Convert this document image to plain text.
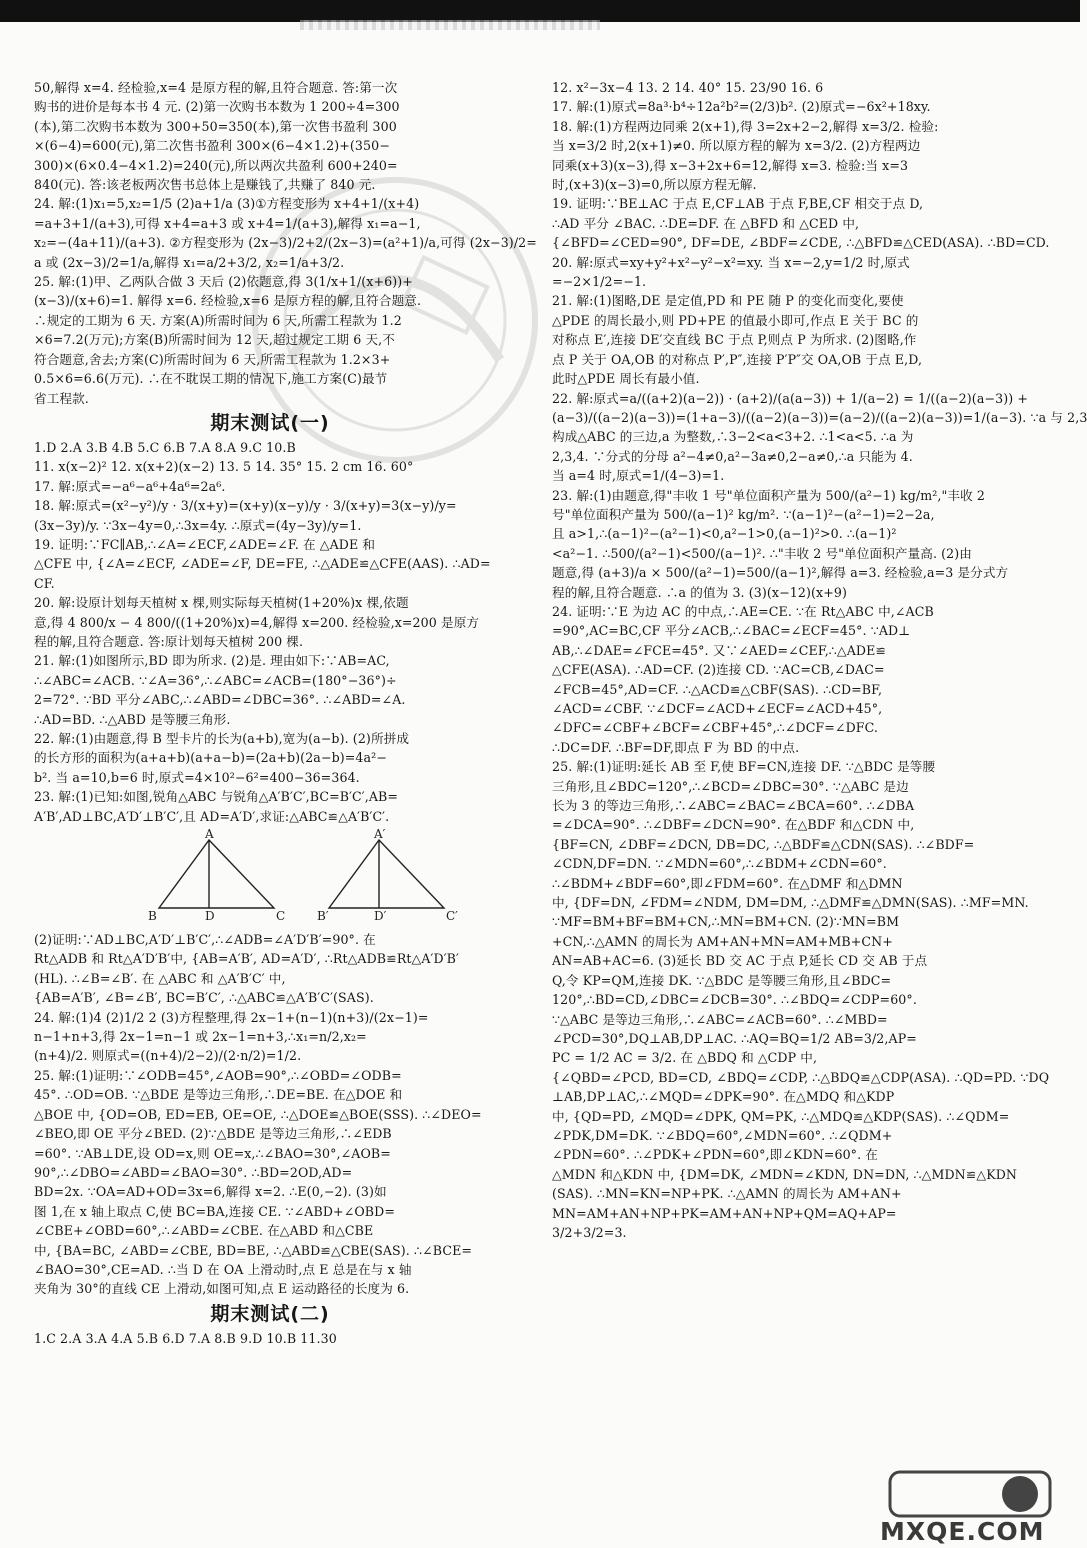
50,解得 x=4. 经检验,x=4 是原方程的解,且符合题意. 答:第一次
购书的进价是每本书 4 元. (2)第一次购书本数为 1 200÷4=300
(本),第二次购书本数为 300+50=350(本),第一次售书盈利 300
×(6−4)=600(元),第二次售书盈利 300×(6−4×1.2)+(350−
300)×(6×0.4−4×1.2)=240(元),所以两次共盈利 600+240=
840(元). 答:该老板两次售书总体上是赚钱了,共赚了 840 元.
24. 解:(1)x₁=5,x₂=1/5 (2)a+1/a (3)①方程变形为 x+4+1/(x+4)
=a+3+1/(a+3),可得 x+4=a+3 或 x+4=1/(a+3),解得 x₁=a−1,
x₂=−(4a+11)/(a+3). ②方程变形为 (2x−3)/2+2/(2x−3)=(a²+1)/a,可得 (2x−3)/2=
a 或 (2x−3)/2=1/a,解得 x₁=a/2+3/2, x₂=1/a+3/2.
25. 解:(1)甲、乙两队合做 3 天后 (2)依题意,得 3(1/x+1/(x+6))+
(x−3)/(x+6)=1. 解得 x=6. 经检验,x=6 是原方程的解,且符合题意.
∴规定的工期为 6 天. 方案(A)所需时间为 6 天,所需工程款为 1.2
×6=7.2(万元);方案(B)所需时间为 12 天,超过规定工期 6 天,不
符合题意,舍去;方案(C)所需时间为 6 天,所需工程款为 1.2×3+
0.5×6=6.6(万元). ∴在不耽误工期的情况下,施工方案(C)最节
省工程款.
期末测试(一)
1.D 2.A 3.B 4.B 5.C 6.B 7.A 8.A 9.C 10.B
11. x(x−2)² 12. x(x+2)(x−2) 13. 5 14. 35° 15. 2 cm 16. 60°
17. 解:原式=−a⁶−a⁶+4a⁶=2a⁶.
18. 解:原式=(x²−y²)/y · 3/(x+y)=(x+y)(x−y)/y · 3/(x+y)=3(x−y)/y=
(3x−3y)/y. ∵3x−4y=0,∴3x=4y. ∴原式=(4y−3y)/y=1.
19. 证明:∵FC∥AB,∴∠A=∠ECF,∠ADE=∠F. 在 △ADE 和
△CFE 中, {∠A=∠ECF, ∠ADE=∠F, DE=FE, ∴△ADE≌△CFE(AAS). ∴AD=
CF.
20. 解:设原计划每天植树 x 棵,则实际每天植树(1+20%)x 棵,依题
意,得 4 800/x − 4 800/((1+20%)x)=4,解得 x=200. 经检验,x=200 是原方
程的解,且符合题意. 答:原计划每天植树 200 棵.
21. 解:(1)如图所示,BD 即为所求. (2)是. 理由如下:∵AB=AC,
∴∠ABC=∠ACB. ∵∠A=36°,∴∠ABC=∠ACB=(180°−36°)÷
2=72°. ∵BD 平分∠ABC,∴∠ABD=∠DBC=36°. ∴∠ABD=∠A.
∴AD=BD. ∴△ABD 是等腰三角形.
22. 解:(1)由题意,得 B 型卡片的长为(a+b),宽为(a−b). (2)所拼成
的长方形的面积为(a+a+b)(a+a−b)=(2a+b)(2a−b)=4a²−
b². 当 a=10,b=6 时,原式=4×10²−6²=400−36=364.
23. 解:(1)已知:如图,锐角△ABC 与锐角△A′B′C′,BC=B′C′,AB=
A′B′,AD⊥BC,A′D′⊥B′C′,且 AD=A′D′,求证:△ABC≌△A′B′C′.
A
B	D	C
A′
B′	D′	C′
(2)证明:∵AD⊥BC,A′D′⊥B′C′,∴∠ADB=∠A′D′B′=90°. 在
Rt△ADB 和 Rt△A′D′B′中, {AB=A′B′, AD=A′D′, ∴Rt△ADB≌Rt△A′D′B′
(HL). ∴∠B=∠B′. 在 △ABC 和 △A′B′C′ 中,
{AB=A′B′, ∠B=∠B′, BC=B′C′, ∴△ABC≌△A′B′C′(SAS).
24. 解:(1)4 (2)1/2 2 (3)方程整理,得 2x−1+(n−1)(n+3)/(2x−1)=
n−1+n+3,得 2x−1=n−1 或 2x−1=n+3,∴x₁=n/2,x₂=
(n+4)/2. 则原式=((n+4)/2−2)/(2·n/2)=1/2.
25. 解:(1)证明:∵∠ODB=45°,∠AOB=90°,∴∠OBD=∠ODB=
45°. ∴OD=OB. ∵△BDE 是等边三角形,∴DE=BE. 在△DOE 和
△BOE 中, {OD=OB, ED=EB, OE=OE, ∴△DOE≌△BOE(SSS). ∴∠DEO=
∠BEO,即 OE 平分∠BED. (2)∵△BDE 是等边三角形,∴∠EDB
=60°. ∵AB⊥DE,设 OD=x,则 OE=x,∴∠BAO=30°,∠AOB=
90°,∴∠DBO=∠ABD=∠BAO=30°. ∴BD=2OD,AD=
BD=2x. ∵OA=AD+OD=3x=6,解得 x=2. ∴E(0,−2). (3)如
图 1,在 x 轴上取点 C,使 BC=BA,连接 CE. ∵∠ABD+∠OBD=
∠CBE+∠OBD=60°,∴∠ABD=∠CBE. 在△ABD 和△CBE
中, {BA=BC, ∠ABD=∠CBE, BD=BE, ∴△ABD≌△CBE(SAS). ∴∠BCE=
∠BAO=30°,CE=AD. ∴当 D 在 OA 上滑动时,点 E 总是在与 x 轴
夹角为 30°的直线 CE 上滑动,如图可知,点 E 运动路径的长度为 6.
期末测试(二)
1.C 2.A 3.A 4.A 5.B 6.D 7.A 8.B 9.D 10.B 11.30
12. x²−3x−4 13. 2 14. 40° 15. 23/90 16. 6
17. 解:(1)原式=8a³·b⁴÷12a²b²=(2/3)b². (2)原式=−6x²+18xy.
18. 解:(1)方程两边同乘 2(x+1),得 3=2x+2−2,解得 x=3/2. 检验:
当 x=3/2 时,2(x+1)≠0. 所以原方程的解为 x=3/2. (2)方程两边
同乘(x+3)(x−3),得 x−3+2x+6=12,解得 x=3. 检验:当 x=3
时,(x+3)(x−3)=0,所以原方程无解.
19. 证明:∵BE⊥AC 于点 E,CF⊥AB 于点 F,BE,CF 相交于点 D,
∴AD 平分 ∠BAC. ∴DE=DF. 在 △BFD 和 △CED 中,
{∠BFD=∠CED=90°, DF=DE, ∠BDF=∠CDE, ∴△BFD≌△CED(ASA). ∴BD=CD.
20. 解:原式=xy+y²+x²−y²−x²=xy. 当 x=−2,y=1/2 时,原式
=−2×1/2=−1.
21. 解:(1)图略,DE 是定值,PD 和 PE 随 P 的变化而变化,要使
△PDE 的周长最小,则 PD+PE 的值最小即可,作点 E 关于 BC 的
对称点 E′,连接 DE′交直线 BC 于点 P,则点 P 为所求. (2)图略,作
点 P 关于 OA,OB 的对称点 P′,P″,连接 P′P″交 OA,OB 于点 E,D,
此时△PDE 周长有最小值.
22. 解:原式=a/((a+2)(a−2)) · (a+2)/(a(a−3)) + 1/(a−2) = 1/((a−2)(a−3)) +
(a−3)/((a−2)(a−3))=(1+a−3)/((a−2)(a−3))=(a−2)/((a−2)(a−3))=1/(a−3). ∵a 与 2,3
构成△ABC 的三边,a 为整数,∴3−2<a<3+2. ∴1<a<5. ∴a 为
2,3,4. ∵分式的分母 a²−4≠0,a²−3a≠0,2−a≠0,∴a 只能为 4.
当 a=4 时,原式=1/(4−3)=1.
23. 解:(1)由题意,得"丰收 1 号"单位面积产量为 500/(a²−1) kg/m²,"丰收 2
号"单位面积产量为 500/(a−1)² kg/m². ∵(a−1)²−(a²−1)=2−2a,
且 a>1,∴(a−1)²−(a²−1)<0,a²−1>0,(a−1)²>0. ∴(a−1)²
<a²−1. ∴500/(a²−1)<500/(a−1)². ∴"丰收 2 号"单位面积产量高. (2)由
题意,得 (a+3)/a × 500/(a²−1)=500/(a−1)²,解得 a=3. 经检验,a=3 是分式方
程的解,且符合题意. ∴a 的值为 3. (3)(x−12)(x+9)
24. 证明:∵E 为边 AC 的中点,∴AE=CE. ∵在 Rt△ABC 中,∠ACB
=90°,AC=BC,CF 平分∠ACB,∴∠BAC=∠ECF=45°. ∵AD⊥
AB,∴∠DAE=∠FCE=45°. 又∵∠AED=∠CEF,∴△ADE≌
△CFE(ASA). ∴AD=CF. (2)连接 CD. ∵AC=CB,∠DAC=
∠FCB=45°,AD=CF. ∴△ACD≌△CBF(SAS). ∴CD=BF,
∠ACD=∠CBF. ∵∠DCF=∠ACD+∠ECF=∠ACD+45°,
∠DFC=∠CBF+∠BCF=∠CBF+45°,∴∠DCF=∠DFC.
∴DC=DF. ∴BF=DF,即点 F 为 BD 的中点.
25. 解:(1)证明:延长 AB 至 F,使 BF=CN,连接 DF. ∵△BDC 是等腰
三角形,且∠BDC=120°,∴∠BCD=∠DBC=30°. ∵△ABC 是边
长为 3 的等边三角形,∴∠ABC=∠BAC=∠BCA=60°. ∴∠DBA
=∠DCA=90°. ∴∠DBF=∠DCN=90°. 在△BDF 和△CDN 中,
{BF=CN, ∠DBF=∠DCN, DB=DC, ∴△BDF≌△CDN(SAS). ∴∠BDF=
∠CDN,DF=DN. ∵∠MDN=60°,∴∠BDM+∠CDN=60°.
∴∠BDM+∠BDF=60°,即∠FDM=60°. 在△DMF 和△DMN
中, {DF=DN, ∠FDM=∠NDM, DM=DM, ∴△DMF≌△DMN(SAS). ∴MF=MN.
∵MF=BM+BF=BM+CN,∴MN=BM+CN. (2)∵MN=BM
+CN,∴△AMN 的周长为 AM+AN+MN=AM+MB+CN+
AN=AB+AC=6. (3)延长 BD 交 AC 于点 P,延长 CD 交 AB 于点
Q,令 KP=QM,连接 DK. ∵△BDC 是等腰三角形,且∠BDC=
120°,∴BD=CD,∠DBC=∠DCB=30°. ∴∠BDQ=∠CDP=60°.
∵△ABC 是等边三角形,∴∠ABC=∠ACB=60°. ∴∠MBD=
∠PCD=30°,DQ⊥AB,DP⊥AC. ∴AQ=BQ=1/2 AB=3/2,AP=
PC = 1/2 AC = 3/2. 在 △BDQ 和 △CDP 中,
{∠QBD=∠PCD, BD=CD, ∠BDQ=∠CDP, ∴△BDQ≌△CDP(ASA). ∴QD=PD. ∵DQ
⊥AB,DP⊥AC,∴∠MQD=∠DPK=90°. 在△MDQ 和△KDP
中, {QD=PD, ∠MQD=∠DPK, QM=PK, ∴△MDQ≌△KDP(SAS). ∴∠QDM=
∠PDK,DM=DK. ∵∠BDQ=60°,∠MDN=60°. ∴∠QDM+
∠PDN=60°. ∴∠PDK+∠PDN=60°,即∠KDN=60°. 在
△MDN 和△KDN 中, {DM=DK, ∠MDN=∠KDN, DN=DN, ∴△MDN≌△KDN
(SAS). ∴MN=KN=NP+PK. ∴△AMN 的周长为 AM+AN+
MN=AM+AN+NP+PK=AM+AN+NP+QM=AQ+AP=
3/2+3/2=3.
MXQE.COM
